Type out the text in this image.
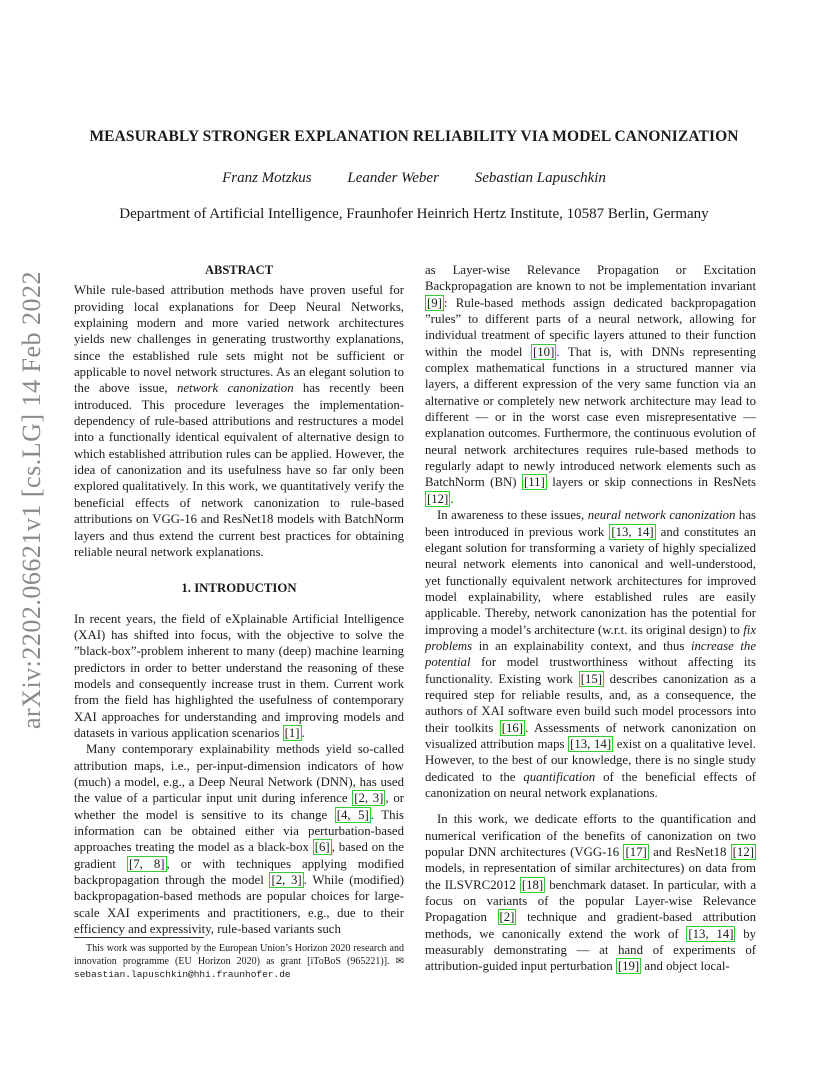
arXiv:2202.06621v1 [cs.LG] 14 Feb 2022
MEASURABLY STRONGER EXPLANATION RELIABILITY VIA MODEL CANONIZATION
Franz Motzkus Leander Weber Sebastian Lapuschkin
Department of Artificial Intelligence, Fraunhofer Heinrich Hertz Institute, 10587 Berlin, Germany
ABSTRACT

While rule-based attribution methods have proven useful for providing local explanations for Deep Neural Networks, explaining modern and more varied network architectures yields new challenges in generating trustworthy explanations, since the established rule sets might not be sufficient or applicable to novel network structures. As an elegant solution to the above issue, network canonization has recently been introduced. This procedure leverages the implementation-dependency of rule-based attributions and restructures a model into a functionally identical equivalent of alternative design to which established attribution rules can be applied. However, the idea of canonization and its usefulness have so far only been explored qualitatively. In this work, we quantitatively verify the beneficial effects of network canonization to rule-based attributions on VGG-16 and ResNet18 models with BatchNorm layers and thus extend the current best practices for obtaining reliable neural network explanations.

1. INTRODUCTION

In recent years, the field of eXplainable Artificial Intelligence (XAI) has shifted into focus, with the objective to solve the ”black-box”-problem inherent to many (deep) machine learning predictors in order to better understand the reasoning of these models and consequently increase trust in them. Current work from the field has highlighted the usefulness of contemporary XAI approaches for understanding and improving models and datasets in various application scenarios [1] .

Many contemporary explainability methods yield so-called attribution maps, i.e., per-input-dimension indicators of how (much) a model, e.g., a Deep Neural Network (DNN), has used the value of a particular input unit during inference [2, 3] , or whether the model is sensitive to its change [4, 5] . This information can be obtained either via perturbation-based approaches treating the model as a black-box [6] , based on the gradient [7, 8] , or with techniques applying modified backpropagation through the model [2, 3] . While (modified) backpropagation-based methods are popular choices for large-scale XAI experiments and practitioners, e.g., due to their efficiency and expressivity, rule-based variants such

This work was supported by the European Union’s Horizon 2020 research and innovation programme (EU Horizon 2020) as grant [iToBoS (965221)]. ✉ sebastian.lapuschkin@hhi.fraunhofer.de

as Layer-wise Relevance Propagation or Excitation Backpropagation are known to not be implementation invariant [9] : Rule-based methods assign dedicated backpropagation ”rules” to different parts of a neural network, allowing for individual treatment of specific layers attuned to their function within the model [10] . That is, with DNNs representing complex mathematical functions in a structured manner via layers, a different expression of the very same function via an alternative or completely new network architecture may lead to different — or in the worst case even misrepresentative — explanation outcomes. Furthermore, the continuous evolution of neural network architectures requires rule-based methods to regularly adapt to newly introduced network elements such as BatchNorm (BN) [11] layers or skip connections in ResNets [12] .

In awareness to these issues, neural network canonization has been introduced in previous work [13, 14] and constitutes an elegant solution for transforming a variety of highly specialized neural network elements into canonical and well-understood, yet functionally equivalent network architectures for improved model explainability, where established rules are easily applicable. Thereby, network canonization has the potential for improving a model’s architecture (w.r.t. its original design) to fix problems in an explainability context, and thus increase the potential for model trustworthiness without affecting its functionality. Existing work [15] describes canonization as a required step for reliable results, and, as a consequence, the authors of XAI software even build such model processors into their toolkits [16] . Assessments of network canonization on visualized attribution maps [13, 14] exist on a qualitative level. However, to the best of our knowledge, there is no single study dedicated to the quantification of the beneficial effects of canonization on neural network explanations.

In this work, we dedicate efforts to the quantification and numerical verification of the benefits of canonization on two popular DNN architectures (VGG-16 [17] and ResNet18 [12] models, in representation of similar architectures) on data from the ILSVRC2012 [18] benchmark dataset. In particular, with a focus on variants of the popular Layer-wise Relevance Propagation [2] technique and gradient-based attribution methods, we canonically extend the work of [13, 14] by measurably demonstrating — at hand of experiments of attribution-guided input perturbation [19] and object local-
